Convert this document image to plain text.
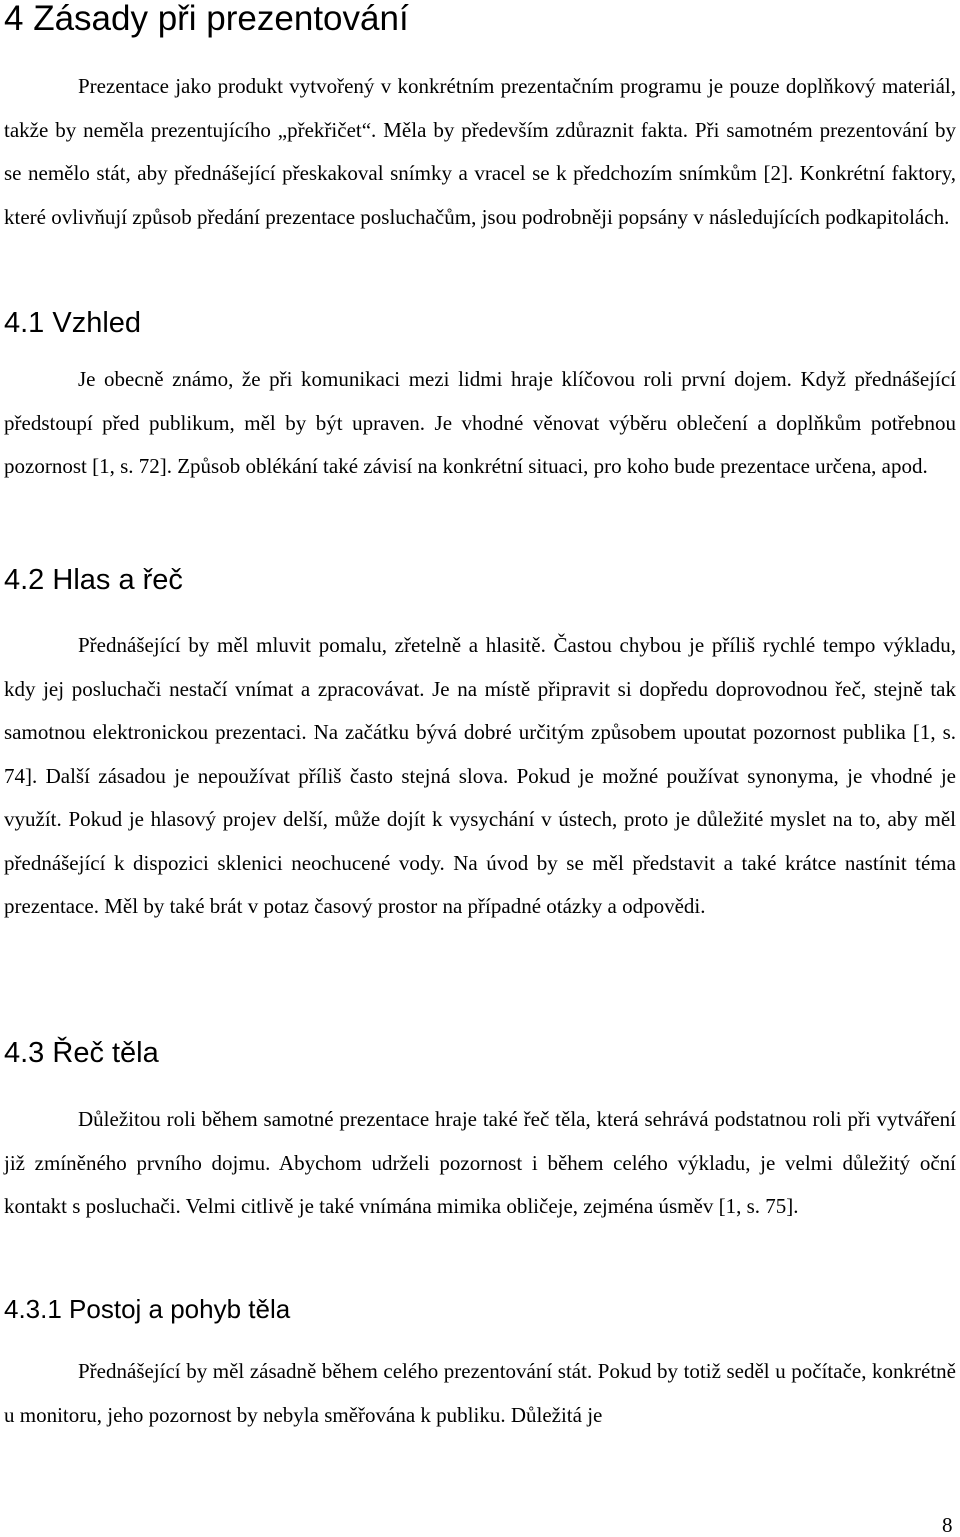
4 Zásady při prezentování
Prezentace jako produkt vytvořený v konkrétním prezentačním programu je pouze doplňkový materiál, takže by neměla prezentujícího „překřičet“. Měla by především zdůraznit fakta. Při samotném prezentování by se nemělo stát, aby přednášející přeskakoval snímky a vracel se k předchozím snímkům [2]. Konkrétní faktory, které ovlivňují způsob předání prezentace posluchačům, jsou podrobněji popsány v následujících podkapitolách.
4.1 Vzhled
Je obecně známo, že při komunikaci mezi lidmi hraje klíčovou roli první dojem. Když přednášející předstoupí před publikum, měl by být upraven. Je vhodné věnovat výběru oblečení a doplňkům potřebnou pozornost [1, s. 72]. Způsob oblékání také závisí na konkrétní situaci, pro koho bude prezentace určena, apod.
4.2 Hlas a řeč
Přednášející by měl mluvit pomalu, zřetelně a hlasitě. Častou chybou je příliš rychlé tempo výkladu, kdy jej posluchači nestačí vnímat a zpracovávat. Je na místě připravit si dopředu doprovodnou řeč, stejně tak samotnou elektronickou prezentaci. Na začátku bývá dobré určitým způsobem upoutat pozornost publika [1, s. 74]. Další zásadou je nepoužívat příliš často stejná slova. Pokud je možné používat synonyma, je vhodné je využít. Pokud je hlasový projev delší, může dojít k vysychání v ústech, proto je důležité myslet na to, aby měl přednášející k dispozici sklenici neochucené vody. Na úvod by se měl představit a také krátce nastínit téma prezentace. Měl by také brát v potaz časový prostor na případné otázky a odpovědi.
4.3 Řeč těla
Důležitou roli během samotné prezentace hraje také řeč těla, která sehrává podstatnou roli při vytváření již zmíněného prvního dojmu. Abychom udrželi pozornost i během celého výkladu, je velmi důležitý oční kontakt s posluchači. Velmi citlivě je také vnímána mimika obličeje, zejména úsměv [1, s. 75].
4.3.1 Postoj a pohyb těla
Přednášející by měl zásadně během celého prezentování stát. Pokud by totiž seděl u počítače, konkrétně u monitoru, jeho pozornost by nebyla směřována k publiku. Důležitá je
8
